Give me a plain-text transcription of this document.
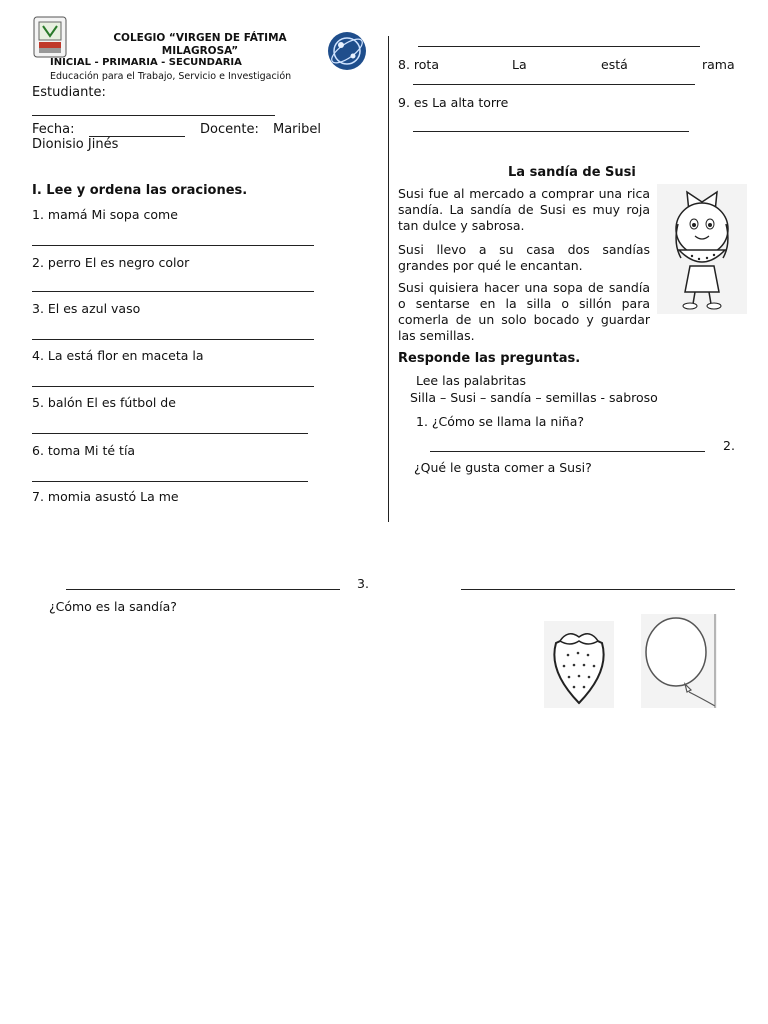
COLEGIO “VIRGEN DE FÁTIMA
MILAGROSA”
INICIAL - PRIMARIA - SECUNDARIA
Educación para el Trabajo, Servicio e Investigación
Estudiante:
Fecha:	Docente: Maribel
Dionisio Jinés
I. Lee y ordena las oraciones.
1. mamá Mi sopa come
2. perro El es negro color
3. El es azul vaso
4. La está flor en maceta la
5. balón El es fútbol de
6. toma Mi té tía
7. momia asustó La me
8. rota	La	está	rama
9. es La alta torre
La sandía de Susi
Susi fue al mercado a comprar una rica sandía. La sandía de Susi es muy roja tan dulce y sabrosa.
Susi llevo a su casa dos sandías grandes por qué le encantan.
Susi quisiera hacer una sopa de sandía o sentarse en la silla o sillón para comerla de un solo bocado y guardar las semillas.
Responde las preguntas.
Lee las palabritas
Silla – Susi – sandía – semillas - sabroso
1. ¿Cómo se llama la niña?
2.
¿Qué le gusta comer a Susi?
3.
¿Cómo es la sandía?
